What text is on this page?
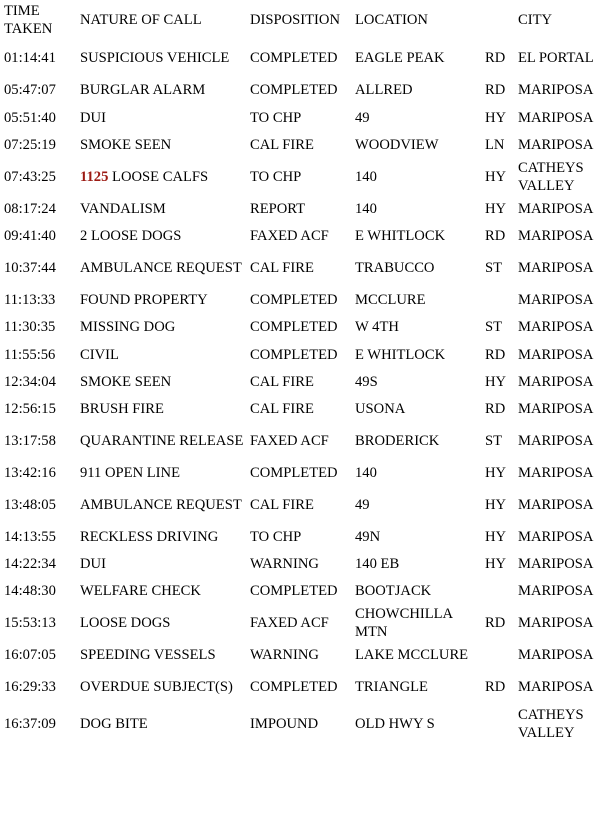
TIME TAKEN	NATURE OF CALL	DISPOSITION	LOCATION		CITY
01:14:41	SUSPICIOUS VEHICLE	COMPLETED	EAGLE PEAK	RD	EL PORTAL
05:47:07	BURGLAR ALARM	COMPLETED	ALLRED	RD	MARIPOSA
05:51:40	DUI	TO CHP	49	HY	MARIPOSA
07:25:19	SMOKE SEEN	CAL FIRE	WOODVIEW	LN	MARIPOSA
07:43:25	1125 LOOSE CALFS	TO CHP	140	HY	CATHEYS VALLEY
08:17:24	VANDALISM	REPORT	140	HY	MARIPOSA
09:41:40	2 LOOSE DOGS	FAXED ACF	E WHITLOCK	RD	MARIPOSA
10:37:44	AMBULANCE REQUEST	CAL FIRE	TRABUCCO	ST	MARIPOSA
11:13:33	FOUND PROPERTY	COMPLETED	MCCLURE		MARIPOSA
11:30:35	MISSING DOG	COMPLETED	W 4TH	ST	MARIPOSA
11:55:56	CIVIL	COMPLETED	E WHITLOCK	RD	MARIPOSA
12:34:04	SMOKE SEEN	CAL FIRE	49S	HY	MARIPOSA
12:56:15	BRUSH FIRE	CAL FIRE	USONA	RD	MARIPOSA
13:17:58	QUARANTINE RELEASE	FAXED ACF	BRODERICK	ST	MARIPOSA
13:42:16	911 OPEN LINE	COMPLETED	140	HY	MARIPOSA
13:48:05	AMBULANCE REQUEST	CAL FIRE	49	HY	MARIPOSA
14:13:55	RECKLESS DRIVING	TO CHP	49N	HY	MARIPOSA
14:22:34	DUI	WARNING	140 EB	HY	MARIPOSA
14:48:30	WELFARE CHECK	COMPLETED	BOOTJACK		MARIPOSA
15:53:13	LOOSE DOGS	FAXED ACF	CHOWCHILLA MTN	RD	MARIPOSA
16:07:05	SPEEDING VESSELS	WARNING	LAKE MCCLURE		MARIPOSA
16:29:33	OVERDUE SUBJECT(S)	COMPLETED	TRIANGLE	RD	MARIPOSA
16:37:09	DOG BITE	IMPOUND	OLD HWY S		CATHEYS VALLEY
